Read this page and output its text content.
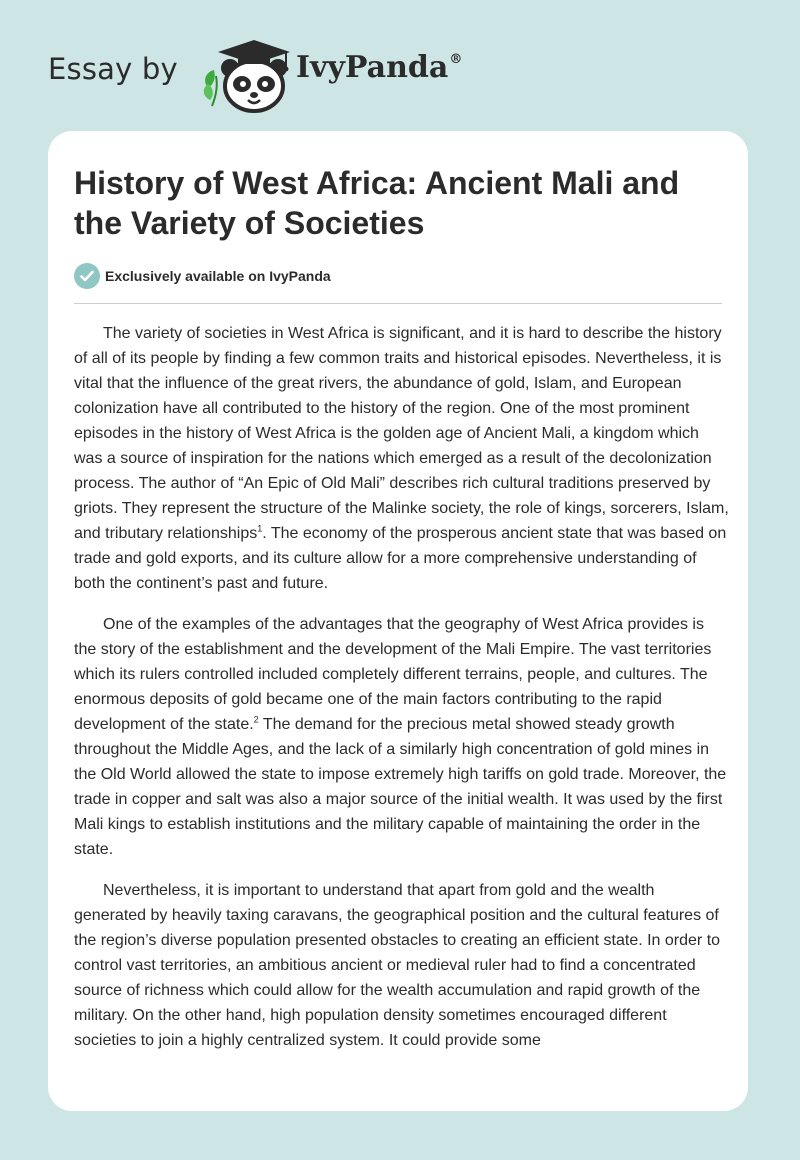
Essay by	IvyPanda®
History of West Africa: Ancient Mali and the Variety of Societies
Exclusively available on IvyPanda

The variety of societies in West Africa is significant, and it is hard to describe the history of all of its people by finding a few common traits and historical episodes. Nevertheless, it is vital that the influence of the great rivers, the abundance of gold, Islam, and European colonization have all contributed to the history of the region. One of the most prominent episodes in the history of West Africa is the golden age of Ancient Mali, a kingdom which was a source of inspiration for the nations which emerged as a result of the decolonization process. The author of “An Epic of Old Mali” describes rich cultural traditions preserved by griots. They represent the structure of the Malinke society, the role of kings, sorcerers, Islam, and tributary relationships$^1$. The economy of the prosperous ancient state that was based on trade and gold exports, and its culture allow for a more comprehensive understanding of both the continent’s past and future.

One of the examples of the advantages that the geography of West Africa provides is the story of the establishment and the development of the Mali Empire. The vast territories which its rulers controlled included completely different terrains, people, and cultures. The enormous deposits of gold became one of the main factors contributing to the rapid development of the state.$^2$ The demand for the precious metal showed steady growth throughout the Middle Ages, and the lack of a similarly high concentration of gold mines in the Old World allowed the state to impose extremely high tariffs on gold trade. Moreover, the trade in copper and salt was also a major source of the initial wealth. It was used by the first Mali kings to establish institutions and the military capable of maintaining the order in the state.

Nevertheless, it is important to understand that apart from gold and the wealth generated by heavily taxing caravans, the geographical position and the cultural features of the region’s diverse population presented obstacles to creating an efficient state. In order to control vast territories, an ambitious ancient or medieval ruler had to find a concentrated source of richness which could allow for the wealth accumulation and rapid growth of the military. On the other hand, high population density sometimes encouraged different societies to join a highly centralized system. It could provide some
